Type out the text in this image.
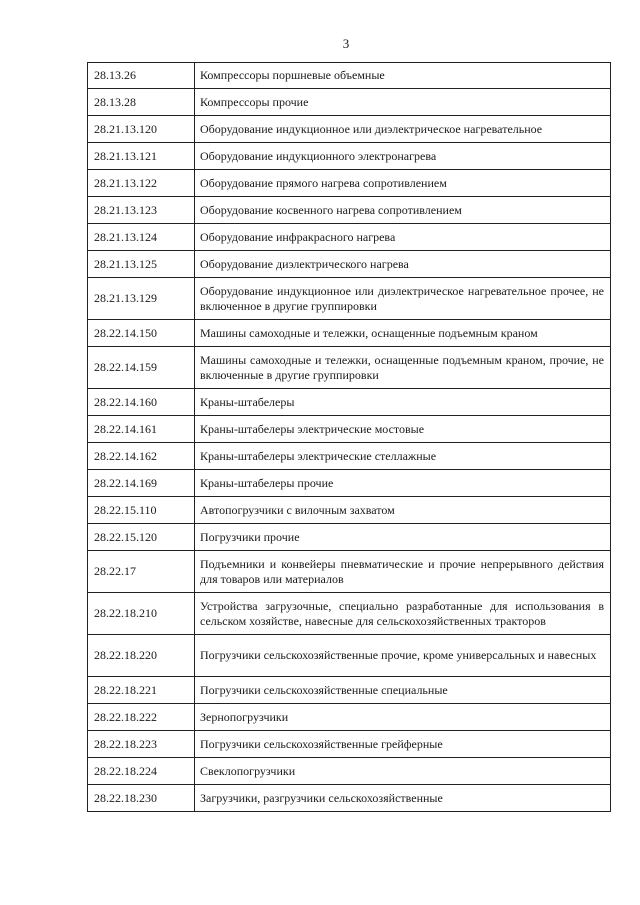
3
28.13.26	Компрессоры поршневые объемные
28.13.28	Компрессоры прочие
28.21.13.120	Оборудование индукционное или диэлектрическое нагревательное
28.21.13.121	Оборудование индукционного электронагрева
28.21.13.122	Оборудование прямого нагрева сопротивлением
28.21.13.123	Оборудование косвенного нагрева сопротивлением
28.21.13.124	Оборудование инфракрасного нагрева
28.21.13.125	Оборудование диэлектрического нагрева
28.21.13.129	Оборудование индукционное или диэлектрическое нагревательное прочее, не включенное в другие группировки
28.22.14.150	Машины самоходные и тележки, оснащенные подъемным краном
28.22.14.159	Машины самоходные и тележки, оснащенные подъемным краном, прочие, не включенные в другие группировки
28.22.14.160	Краны-штабелеры
28.22.14.161	Краны-штабелеры электрические мостовые
28.22.14.162	Краны-штабелеры электрические стеллажные
28.22.14.169	Краны-штабелеры прочие
28.22.15.110	Автопогрузчики с вилочным захватом
28.22.15.120	Погрузчики прочие
28.22.17	Подъемники и конвейеры пневматические и прочие непрерывного действия для товаров или материалов
28.22.18.210	Устройства загрузочные, специально разработанные для использования в сельском хозяйстве, навесные для сельскохозяйственных тракторов
28.22.18.220	Погрузчики сельскохозяйственные прочие, кроме универсальных и навесных
28.22.18.221	Погрузчики сельскохозяйственные специальные
28.22.18.222	Зернопогрузчики
28.22.18.223	Погрузчики сельскохозяйственные грейферные
28.22.18.224	Свеклопогрузчики
28.22.18.230	Загрузчики, разгрузчики сельскохозяйственные
